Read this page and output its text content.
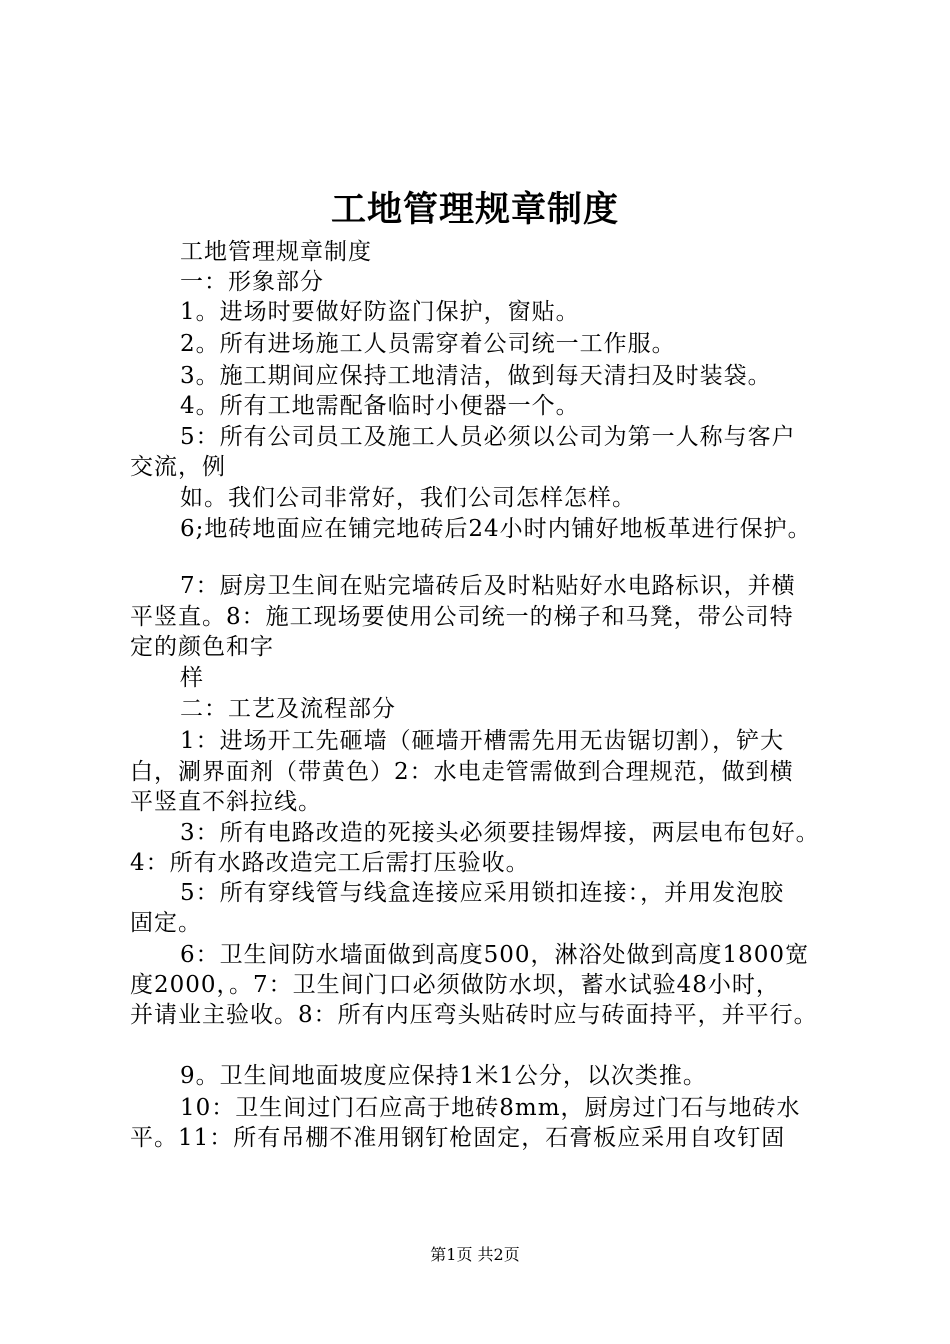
工地管理规章制度
工地管理规章制度
一：形象部分
1。进场时要做好防盗门保护，窗贴。
2。所有进场施工人员需穿着公司统一工作服。
3。施工期间应保持工地清洁，做到每天清扫及时装袋。
4。所有工地需配备临时小便器一个。
5：所有公司员工及施工人员必须以公司为第一人称与客户
交流，例
如。我们公司非常好，我们公司怎样怎样。
6;地砖地面应在铺完地砖后24小时内铺好地板革进行保护。
7：厨房卫生间在贴完墙砖后及时粘贴好水电路标识，并横
平竖直。8：施工现场要使用公司统一的梯子和马凳，带公司特
定的颜色和字
样
二：工艺及流程部分
1：进场开工先砸墙（砸墙开槽需先用无齿锯切割），铲大
白，涮界面剂（带黄色）2：水电走管需做到合理规范，做到横
平竖直不斜拉线。
3：所有电路改造的死接头必须要挂锡焊接，两层电布包好。
4：所有水路改造完工后需打压验收。
5：所有穿线管与线盒连接应采用锁扣连接：，并用发泡胶
固定。
6：卫生间防水墙面做到高度500，淋浴处做到高度1800宽
度2000，。7：卫生间门口必须做防水坝，蓄水试验48小时，
并请业主验收。8：所有内压弯头贴砖时应与砖面持平，并平行。
9。卫生间地面坡度应保持1米1公分，以次类推。
10：卫生间过门石应高于地砖8mm，厨房过门石与地砖水
平。11：所有吊棚不准用钢钉枪固定，石膏板应采用自攻钉固
第1页 共2页
